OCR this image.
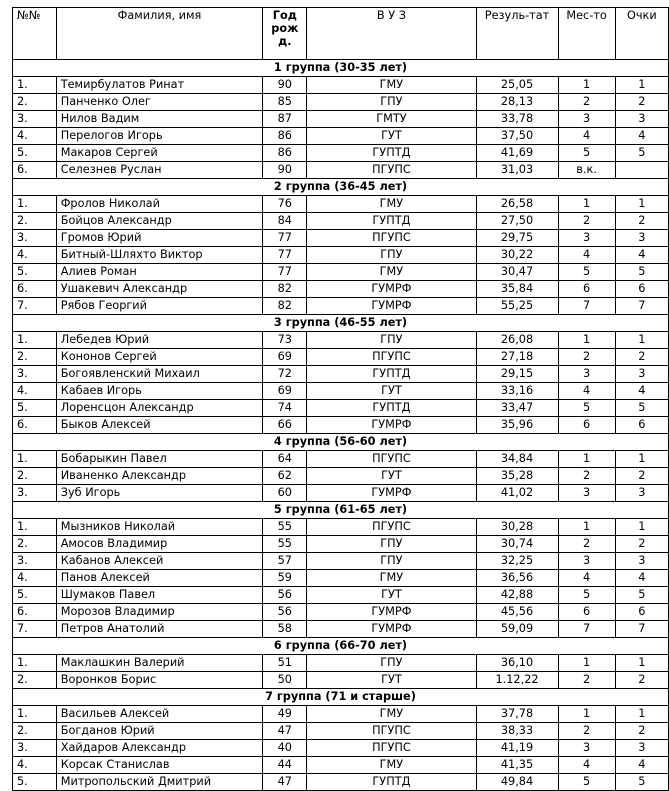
№№	Фамилия, имя	Год рож д.	В У З	Резуль-тат	Мес-то	Очки
1 группа (30-35 лет)						
1.	Темирбулатов Ринат	90	ГМУ	25,05	1	1
2.	Панченко Олег	85	ГПУ	28,13	2	2
3.	Нилов Вадим	87	ГМТУ	33,78	3	3
4.	Перелогов Игорь	86	ГУТ	37,50	4	4
5.	Макаров Сергей	86	ГУПТД	41,69	5	5
6.	Селезнев Руслан	90	ПГУПС	31,03	в.к.	
2 группа (36-45 лет)						
1.	Фролов Николай	76	ГМУ	26,58	1	1
2.	Бойцов Александр	84	ГУПТД	27,50	2	2
3.	Громов Юрий	77	ПГУПС	29,75	3	3
4.	Битный-Шляхто Виктор	77	ГПУ	30,22	4	4
5.	Алиев Роман	77	ГМУ	30,47	5	5
6.	Ушакевич Александр	82	ГУМРФ	35,84	6	6
7.	Рябов Георгий	82	ГУМРФ	55,25	7	7
3 группа (46-55 лет)						
1.	Лебедев Юрий	73	ГПУ	26,08	1	1
2.	Кононов Сергей	69	ПГУПС	27,18	2	2
3.	Богоявленский Михаил	72	ГУПТД	29,15	3	3
4.	Кабаев Игорь	69	ГУТ	33,16	4	4
5.	Лоренсцон Александр	74	ГУПТД	33,47	5	5
6.	Быков Алексей	66	ГУМРФ	35,96	6	6
4 группа (56-60 лет)						
1.	Бобарыкин Павел	64	ПГУПС	34,84	1	1
2.	Иваненко Александр	62	ГУТ	35,28	2	2
3.	Зуб Игорь	60	ГУМРФ	41,02	3	3
5 группа (61-65 лет)						
1.	Мызников Николай	55	ПГУПС	30,28	1	1
2.	Амосов Владимир	55	ГПУ	30,74	2	2
3.	Кабанов Алексей	57	ГПУ	32,25	3	3
4.	Панов Алексей	59	ГМУ	36,56	4	4
5.	Шумаков Павел	56	ГУТ	42,88	5	5
6.	Морозов Владимир	56	ГУМРФ	45,56	6	6
7.	Петров Анатолий	58	ГУМРФ	59,09	7	7
6 группа (66-70 лет)						
1.	Маклашкин Валерий	51	ГПУ	36,10	1	1
2.	Воронков Борис	50	ГУТ	1.12,22	2	2
7 группа (71 и старше)						
1.	Васильев Алексей	49	ГМУ	37,78	1	1
2.	Богданов Юрий	47	ПГУПС	38,33	2	2
3.	Хайдаров Александр	40	ПГУПС	41,19	3	3
4.	Корсак Станислав	44	ГМУ	41,35	4	4
5.	Митропольский Дмитрий	47	ГУПТД	49,84	5	5
